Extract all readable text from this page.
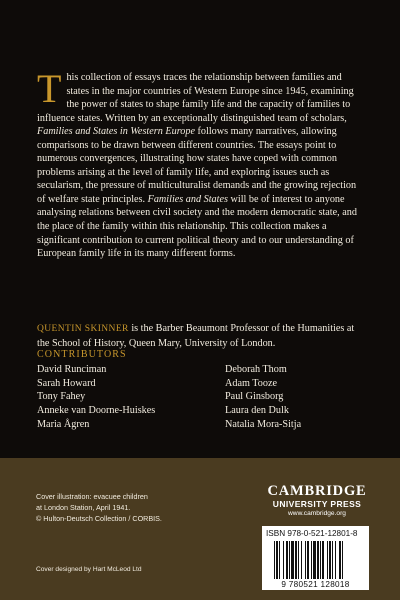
This collection of essays traces the relationship between families and states in the major countries of Western Europe since 1945, examining the power of states to shape family life and the capacity of families to influence states. Written by an exceptionally distinguished team of scholars, Families and States in Western Europe follows many narratives, allowing comparisons to be drawn between different countries. The essays point to numerous convergences, illustrating how states have coped with common problems arising at the level of family life, and exploring issues such as secularism, the pressure of multiculturalist demands and the growing rejection of welfare state principles. Families and States will be of interest to anyone analysing relations between civil society and the modern democratic state, and the place of the family within this relationship. This collection makes a significant contribution to current political theory and to our understanding of European family life in its many different forms.

QUENTIN SKINNER is the Barber Beaumont Professor of the Humanities at the School of History, Queen Mary, University of London.

CONTRIBUTORS
David Runciman
Sarah Howard
Tony Fahey
Anneke van Doorne-Huiskes
Maria Ågren
Deborah Thom
Adam Tooze
Paul Ginsborg
Laura den Dulk
Natalia Mora-Sitja

Cover illustration: evacuee children
at London Station, April 1941.
© Hulton-Deutsch Collection / CORBIS.

Cover designed by Hart McLeod Ltd
CAMBRIDGE
UNIVERSITY PRESS
www.cambridge.org
ISBN 978-0-521-12801-8
9 780521 128018
